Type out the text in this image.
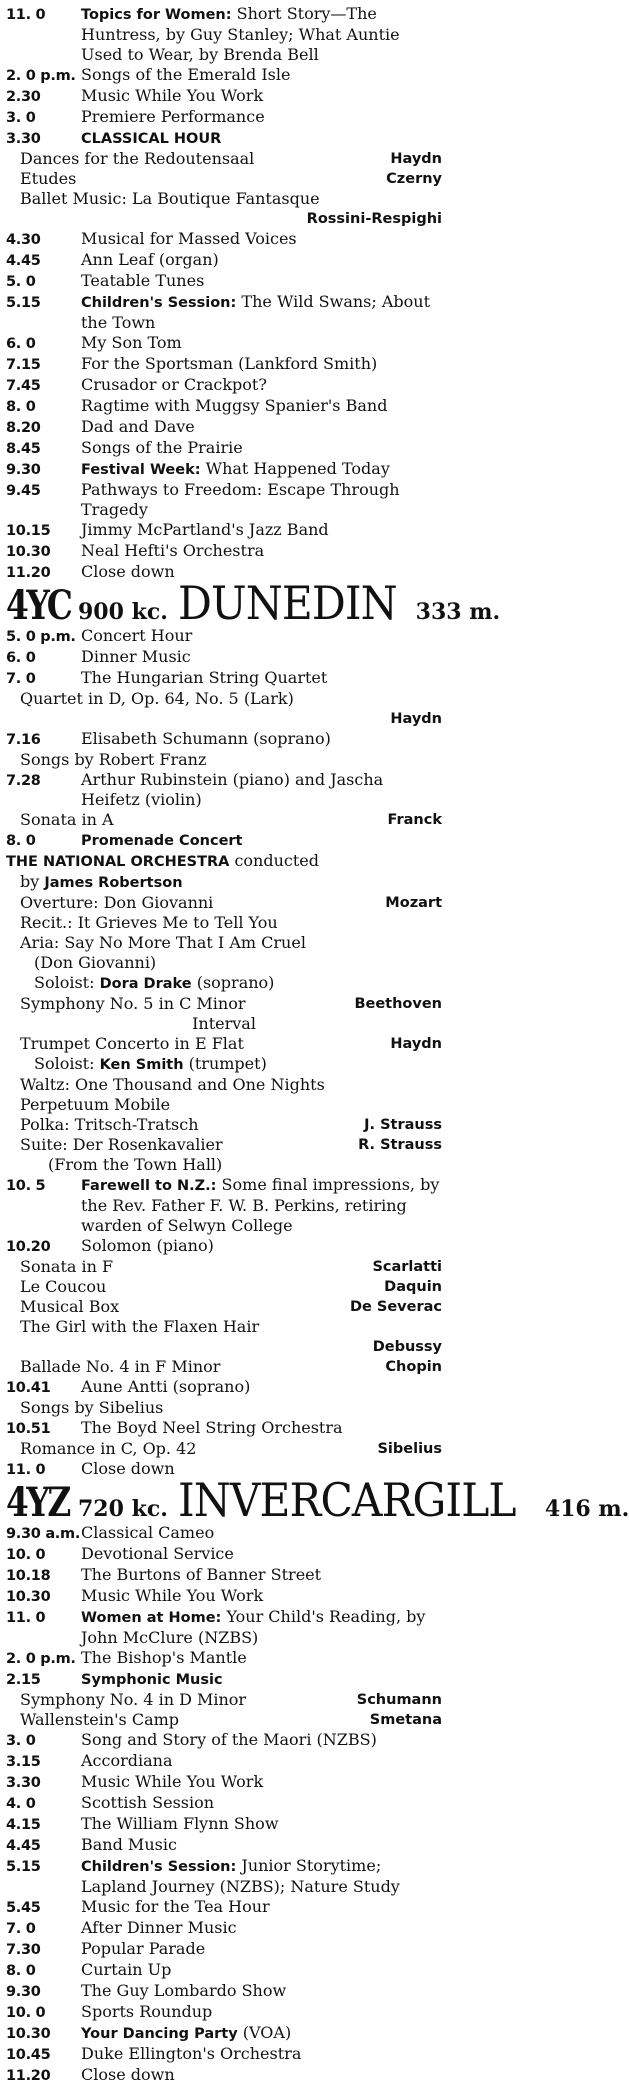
11. 0	Topics for Women: Short Story—The Huntress, by Guy Stanley; What Auntie Used to Wear, by Brenda Bell
2. 0 p.m. Songs of the Emerald Isle
2.30	Music While You Work
3. 0	Premiere Performance
3.30	CLASSICAL HOUR
Dances for the Redoutensaal	Haydn
Etudes	Czerny
Ballet Music: La Boutique Fantasque
Rossini-Respighi
4.30	Musical for Massed Voices
4.45	Ann Leaf (organ)
5. 0	Teatable Tunes
5.15	Children's Session: The Wild Swans; About the Town
6. 0	My Son Tom
7.15	For the Sportsman (Lankford Smith)
7.45	Crusador or Crackpot?
8. 0	Ragtime with Muggsy Spanier's Band
8.20	Dad and Dave
8.45	Songs of the Prairie
9.30	Festival Week: What Happened Today
9.45	Pathways to Freedom: Escape Through Tragedy
10.15	Jimmy McPartland's Jazz Band
10.30	Neal Hefti's Orchestra
11.20	Close down
4YC 900 kc. DUNEDIN 333 m.
5. 0 p.m. Concert Hour
6. 0	Dinner Music
7. 0	The Hungarian String Quartet
Quartet in D, Op. 64, No. 5 (Lark)
Haydn
7.16	Elisabeth Schumann (soprano)
Songs by Robert Franz
7.28	Arthur Rubinstein (piano) and Jascha Heifetz (violin)
Sonata in A	Franck
8. 0	Promenade Concert
THE NATIONAL ORCHESTRA conducted
by James Robertson
Overture: Don Giovanni	Mozart
Recit.: It Grieves Me to Tell You
Aria: Say No More That I Am Cruel
(Don Giovanni)
Soloist: Dora Drake (soprano)
Symphony No. 5 in C Minor	Beethoven
Interval
Trumpet Concerto in E Flat	Haydn
Soloist: Ken Smith (trumpet)
Waltz: One Thousand and One Nights
Perpetuum Mobile
Polka: Tritsch-Tratsch	J. Strauss
Suite: Der Rosenkavalier	R. Strauss
(From the Town Hall)
10. 5	Farewell to N.Z.: Some final impressions, by the Rev. Father F. W. B. Perkins, retiring warden of Selwyn College
10.20	Solomon (piano)
Sonata in F	Scarlatti
Le Coucou	Daquin
Musical Box	De Severac
The Girl with the Flaxen Hair
Debussy
Ballade No. 4 in F Minor	Chopin
10.41	Aune Antti (soprano)
Songs by Sibelius
10.51	The Boyd Neel String Orchestra
Romance in C, Op. 42	Sibelius
11. 0	Close down
4YZ 720 kc. INVERCARGILL 416 m.
9.30 a.m. Classical Cameo
10. 0	Devotional Service
10.18	The Burtons of Banner Street
10.30	Music While You Work
11. 0	Women at Home: Your Child's Reading, by John McClure (NZBS)
2. 0 p.m. The Bishop's Mantle
2.15	Symphonic Music
Symphony No. 4 in D Minor	Schumann
Wallenstein's Camp	Smetana
3. 0	Song and Story of the Maori (NZBS)
3.15	Accordiana
3.30	Music While You Work
4. 0	Scottish Session
4.15	The William Flynn Show
4.45	Band Music
5.15	Children's Session: Junior Storytime; Lapland Journey (NZBS); Nature Study
5.45	Music for the Tea Hour
7. 0	After Dinner Music
7.30	Popular Parade
8. 0	Curtain Up
9.30	The Guy Lombardo Show
10. 0	Sports Roundup
10.30	Your Dancing Party (VOA)
10.45	Duke Ellington's Orchestra
11.20	Close down
